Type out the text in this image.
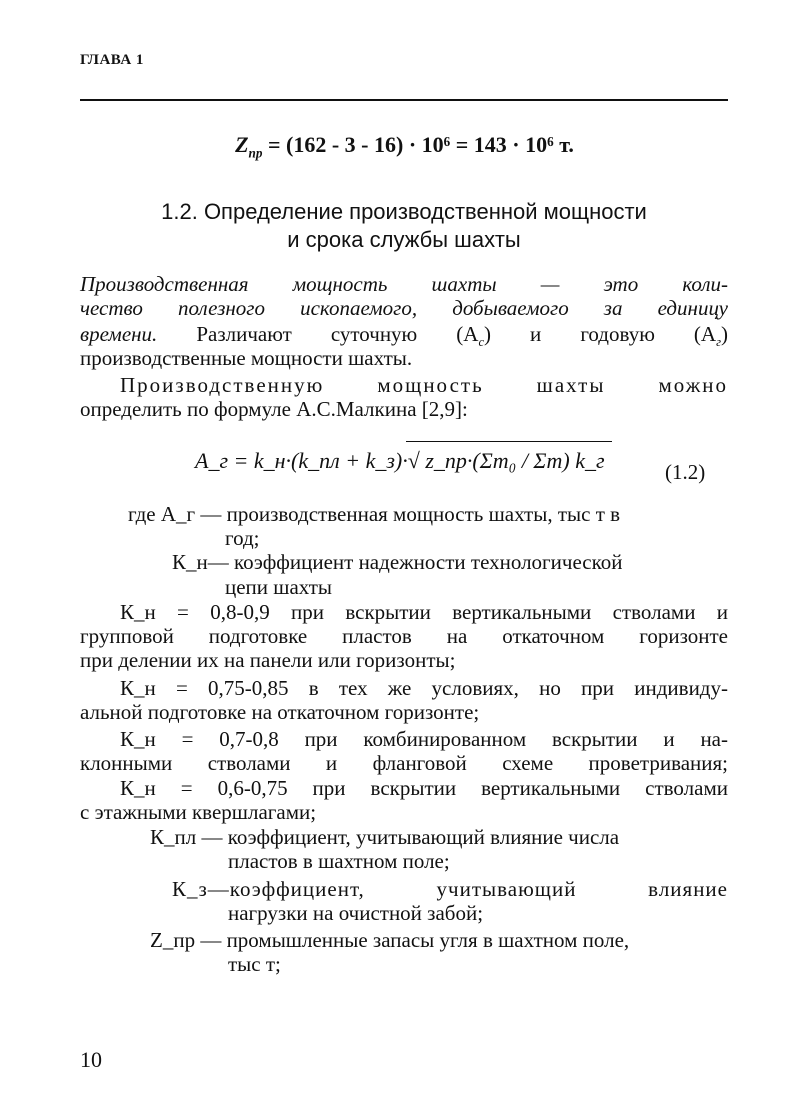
ГЛАВА 1
$Z_{пр} = (162 - 3 - 16) \cdot 10^6 = 143 \cdot 10^6$ т.
1.2. Определение производственной мощности
и срока службы шахты
Производственная мощность шахты — это коли-
чество полезного ископаемого, добываемого за единицу
времени. Различают суточную $(А_с)$ и годовую $(А_г)$
производственные мощности шахты.
Производственную мощность шахты можно
определить по формуле А.С.Малкина [2,9]:
A_г = k_н·(k_пл + k_з)·√ z_пр·(Σm₀ / Σm) k_г	(1.2)
где A_г — производственная мощность шахты, тыс т в
год;
К_н— коэффициент надежности технологической
цепи шахты
К_н = 0,8-0,9 при вскрытии вертикальными стволами и
групповой подготовке пластов на откаточном горизонте
при делении их на панели или горизонты;
К_н = 0,75-0,85 в тех же условиях, но при индивиду-
альной подготовке на откаточном горизонте;
К_н = 0,7-0,8 при комбинированном вскрытии и на-
клонными стволами и фланговой схеме проветривания;
К_н = 0,6-0,75 при вскрытии вертикальными стволами
с этажными квершлагами;
К_пл — коэффициент, учитывающий влияние числа
пластов в шахтном поле;
К_з—коэффициент, учитывающий влияние
нагрузки на очистной забой;
Z_пр — промышленные запасы угля в шахтном поле,
тыс т;
10
